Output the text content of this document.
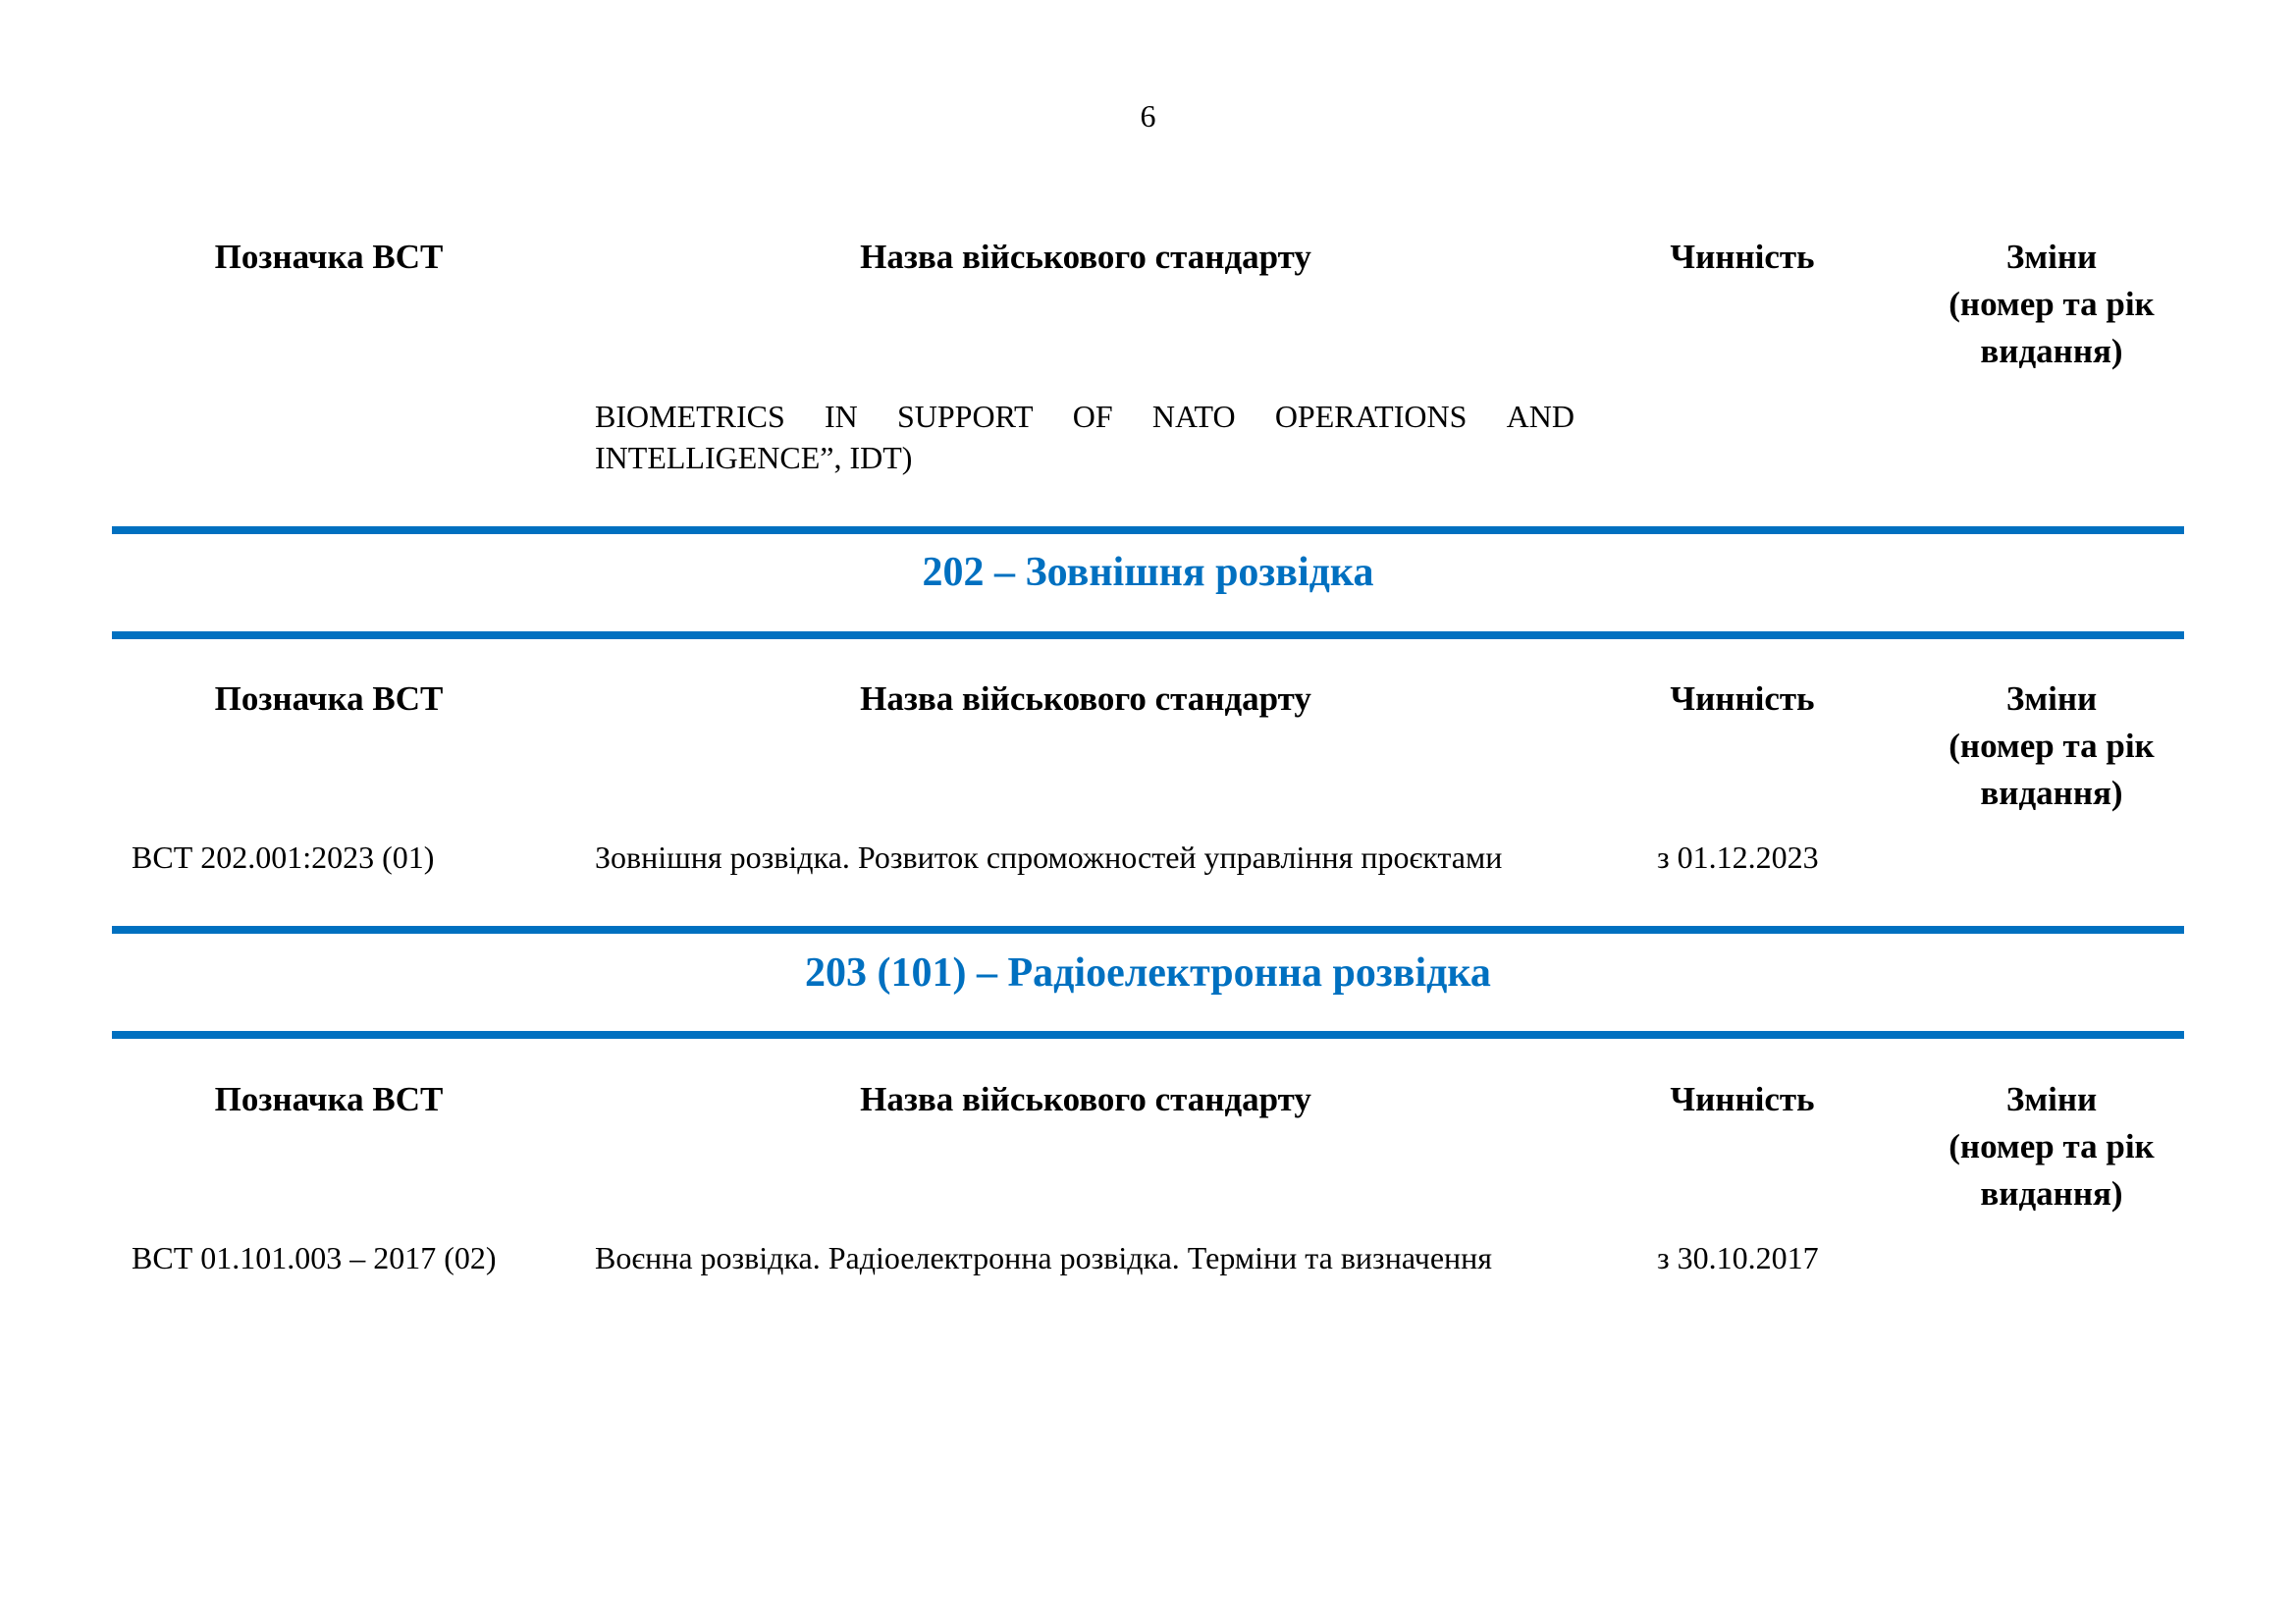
6
Позначка ВСТ	Назва військового стандарту	Чинність	Зміни
(номер та рік
видання)
BIOMETRICS IN SUPPORT OF NATO OPERATIONS AND
INTELLIGENCE”, IDT)
202 – Зовнішня розвідка
Позначка ВСТ	Назва військового стандарту	Чинність	Зміни
(номер та рік
видання)
ВСТ 202.001:2023 (01)	Зовнішня розвідка. Розвиток спроможностей управління проєктами	з 01.12.2023
203 (101) – Радіоелектронна розвідка
Позначка ВСТ	Назва військового стандарту	Чинність	Зміни
(номер та рік
видання)
ВСТ 01.101.003 – 2017 (02)	Воєнна розвідка. Радіоелектронна розвідка. Терміни та визначення	з 30.10.2017
